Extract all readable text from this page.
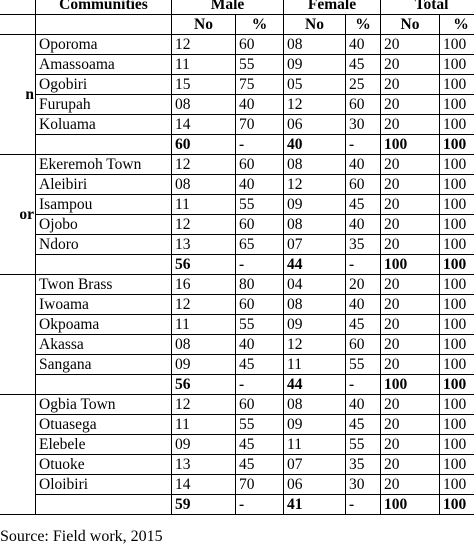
	Communities	Male		Female		Total	
		No	%	No	%	No	%
n	Oporoma	12	60	08	40	20	100
	Amassoama	11	55	09	45	20	100
	Ogobiri	15	75	05	25	20	100
	Furupah	08	40	12	60	20	100
	Koluama	14	70	06	30	20	100
		60	-	40	-	100	100
or	Ekeremoh Town	12	60	08	40	20	100
	Aleibiri	08	40	12	60	20	100
	Isampou	11	55	09	45	20	100
	Ojobo	12	60	08	40	20	100
	Ndoro	13	65	07	35	20	100
		56	-	44	-	100	100
	Twon Brass	16	80	04	20	20	100
	Iwoama	12	60	08	40	20	100
	Okpoama	11	55	09	45	20	100
	Akassa	08	40	12	60	20	100
	Sangana	09	45	11	55	20	100
		56	-	44	-	100	100
	Ogbia Town	12	60	08	40	20	100
	Otuasega	11	55	09	45	20	100
	Elebele	09	45	11	55	20	100
	Otuoke	13	45	07	35	20	100
	Oloibiri	14	70	06	30	20	100
		59	-	41	-	100	100
Source: Field work, 2015
